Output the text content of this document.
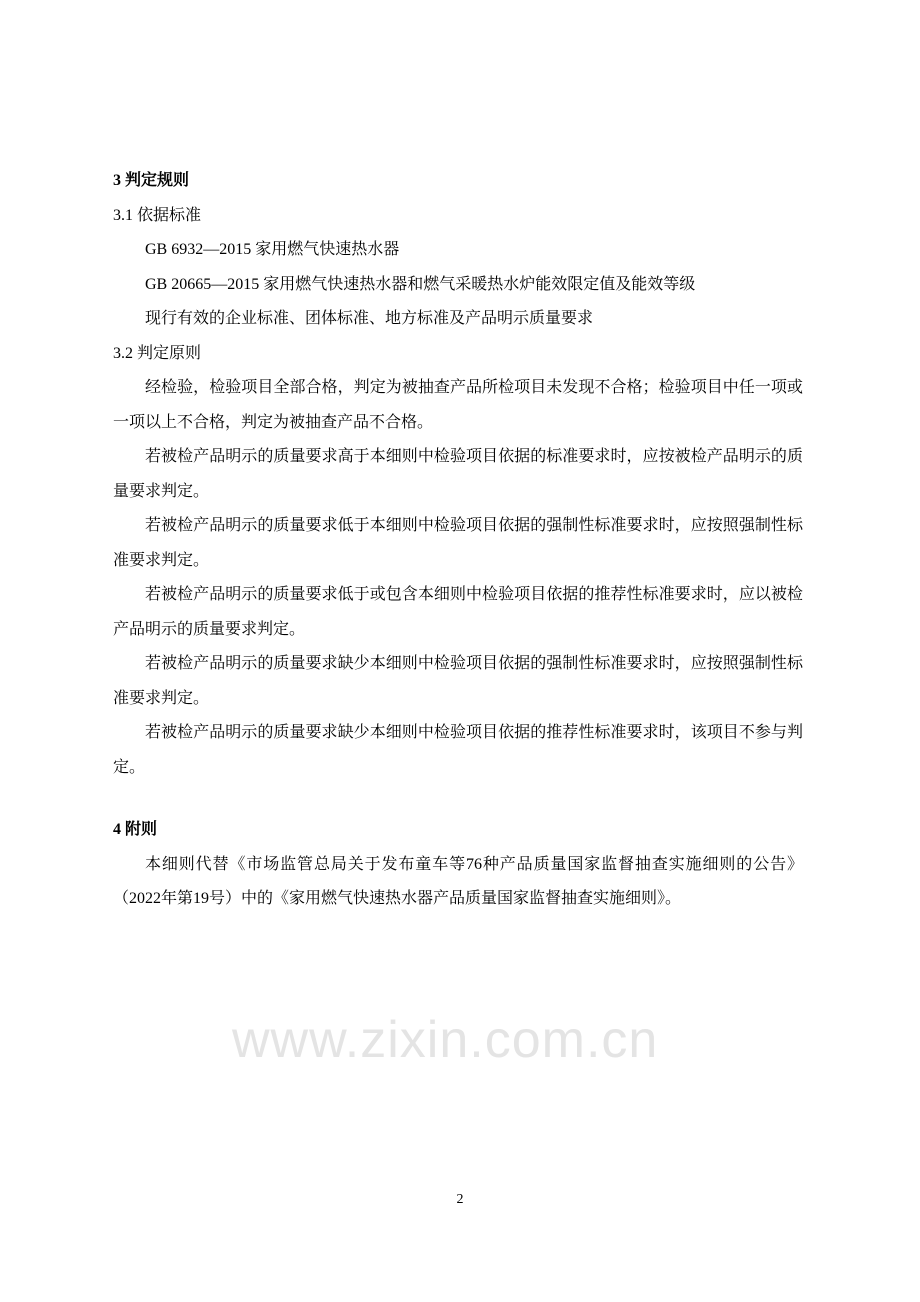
www.zixin.com.cn

3 判定规则

3.1 依据标准

GB 6932—2015 家用燃气快速热水器

GB 20665—2015 家用燃气快速热水器和燃气采暖热水炉能效限定值及能效等级

现行有效的企业标准、团体标准、地方标准及产品明示质量要求

3.2 判定原则

经检验，检验项目全部合格，判定为被抽查产品所检项目未发现不合格；检验项目中任一项或一项以上不合格，判定为被抽查产品不合格。

若被检产品明示的质量要求高于本细则中检验项目依据的标准要求时，应按被检产品明示的质量要求判定。

若被检产品明示的质量要求低于本细则中检验项目依据的强制性标准要求时，应按照强制性标准要求判定。

若被检产品明示的质量要求低于或包含本细则中检验项目依据的推荐性标准要求时，应以被检产品明示的质量要求判定。

若被检产品明示的质量要求缺少本细则中检验项目依据的强制性标准要求时，应按照强制性标准要求判定。

若被检产品明示的质量要求缺少本细则中检验项目依据的推荐性标准要求时，该项目不参与判定。

4 附则

本细则代替《市场监管总局关于发布童车等76种产品质量国家监督抽查实施细则的公告》（2022年第19号）中的《家用燃气快速热水器产品质量国家监督抽查实施细则》。

2
